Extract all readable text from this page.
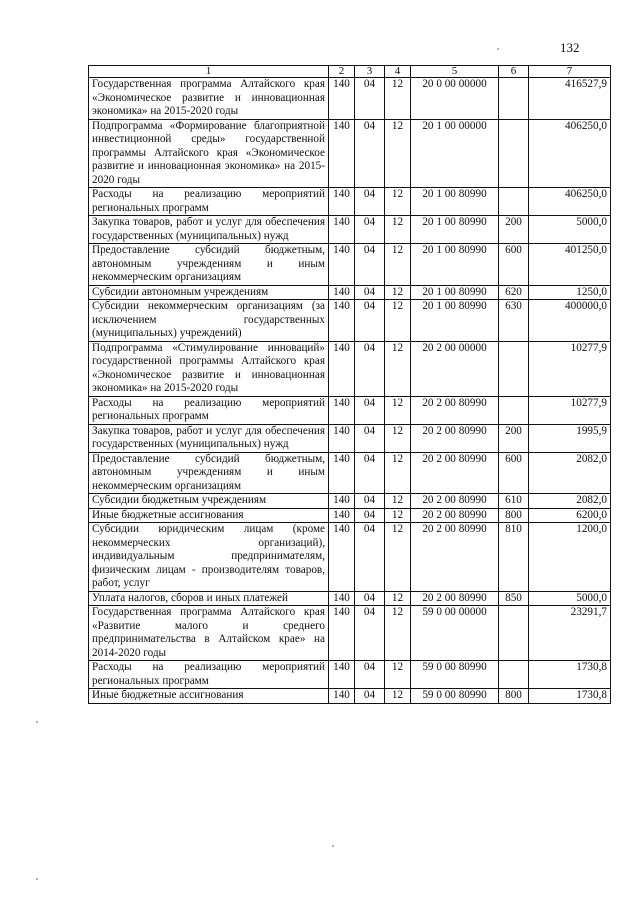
132
1	2	3	4	5	6	7
Государственная программа Алтайского края «Экономическое развитие и инновационная экономика» на 2015-2020 годы	140	04	12	20 0 00 00000		416527,9
Подпрограмма «Формирование благоприятной инвестиционной среды» государственной программы Алтайского края «Экономическое развитие и инновационная экономика» на 2015-2020 годы	140	04	12	20 1 00 00000		406250,0
Расходы на реализацию мероприятий региональных программ	140	04	12	20 1 00 80990		406250,0
Закупка товаров, работ и услуг для обеспечения государственных (муниципальных) нужд	140	04	12	20 1 00 80990	200	5000,0
Предоставление субсидий бюджетным, автономным учреждениям и иным некоммерческим организациям	140	04	12	20 1 00 80990	600	401250,0
Субсидии автономным учреждениям	140	04	12	20 1 00 80990	620	1250,0
Субсидии некоммерческим организациям (за исключением государственных (муниципальных) учреждений)	140	04	12	20 1 00 80990	630	400000,0
Подпрограмма «Стимулирование инноваций» государственной программы Алтайского края «Экономическое развитие и инновационная экономика» на 2015-2020 годы	140	04	12	20 2 00 00000		10277,9
Расходы на реализацию мероприятий региональных программ	140	04	12	20 2 00 80990		10277,9
Закупка товаров, работ и услуг для обеспечения государственных (муниципальных) нужд	140	04	12	20 2 00 80990	200	1995,9
Предоставление субсидий бюджетным, автономным учреждениям и иным некоммерческим организациям	140	04	12	20 2 00 80990	600	2082,0
Субсидии бюджетным учреждениям	140	04	12	20 2 00 80990	610	2082,0
Иные бюджетные ассигнования	140	04	12	20 2 00 80990	800	6200,0
Субсидии юридическим лицам (кроме некоммерческих организаций), индивидуальным предпринимателям, физическим лицам - производителям товаров, работ, услуг	140	04	12	20 2 00 80990	810	1200,0
Уплата налогов, сборов и иных платежей	140	04	12	20 2 00 80990	850	5000,0
Государственная программа Алтайского края «Развитие малого и среднего предпринимательства в Алтайском крае» на 2014-2020 годы	140	04	12	59 0 00 00000		23291,7
Расходы на реализацию мероприятий региональных программ	140	04	12	59 0 00 80990		1730,8
Иные бюджетные ассигнования	140	04	12	59 0 00 80990	800	1730,8
